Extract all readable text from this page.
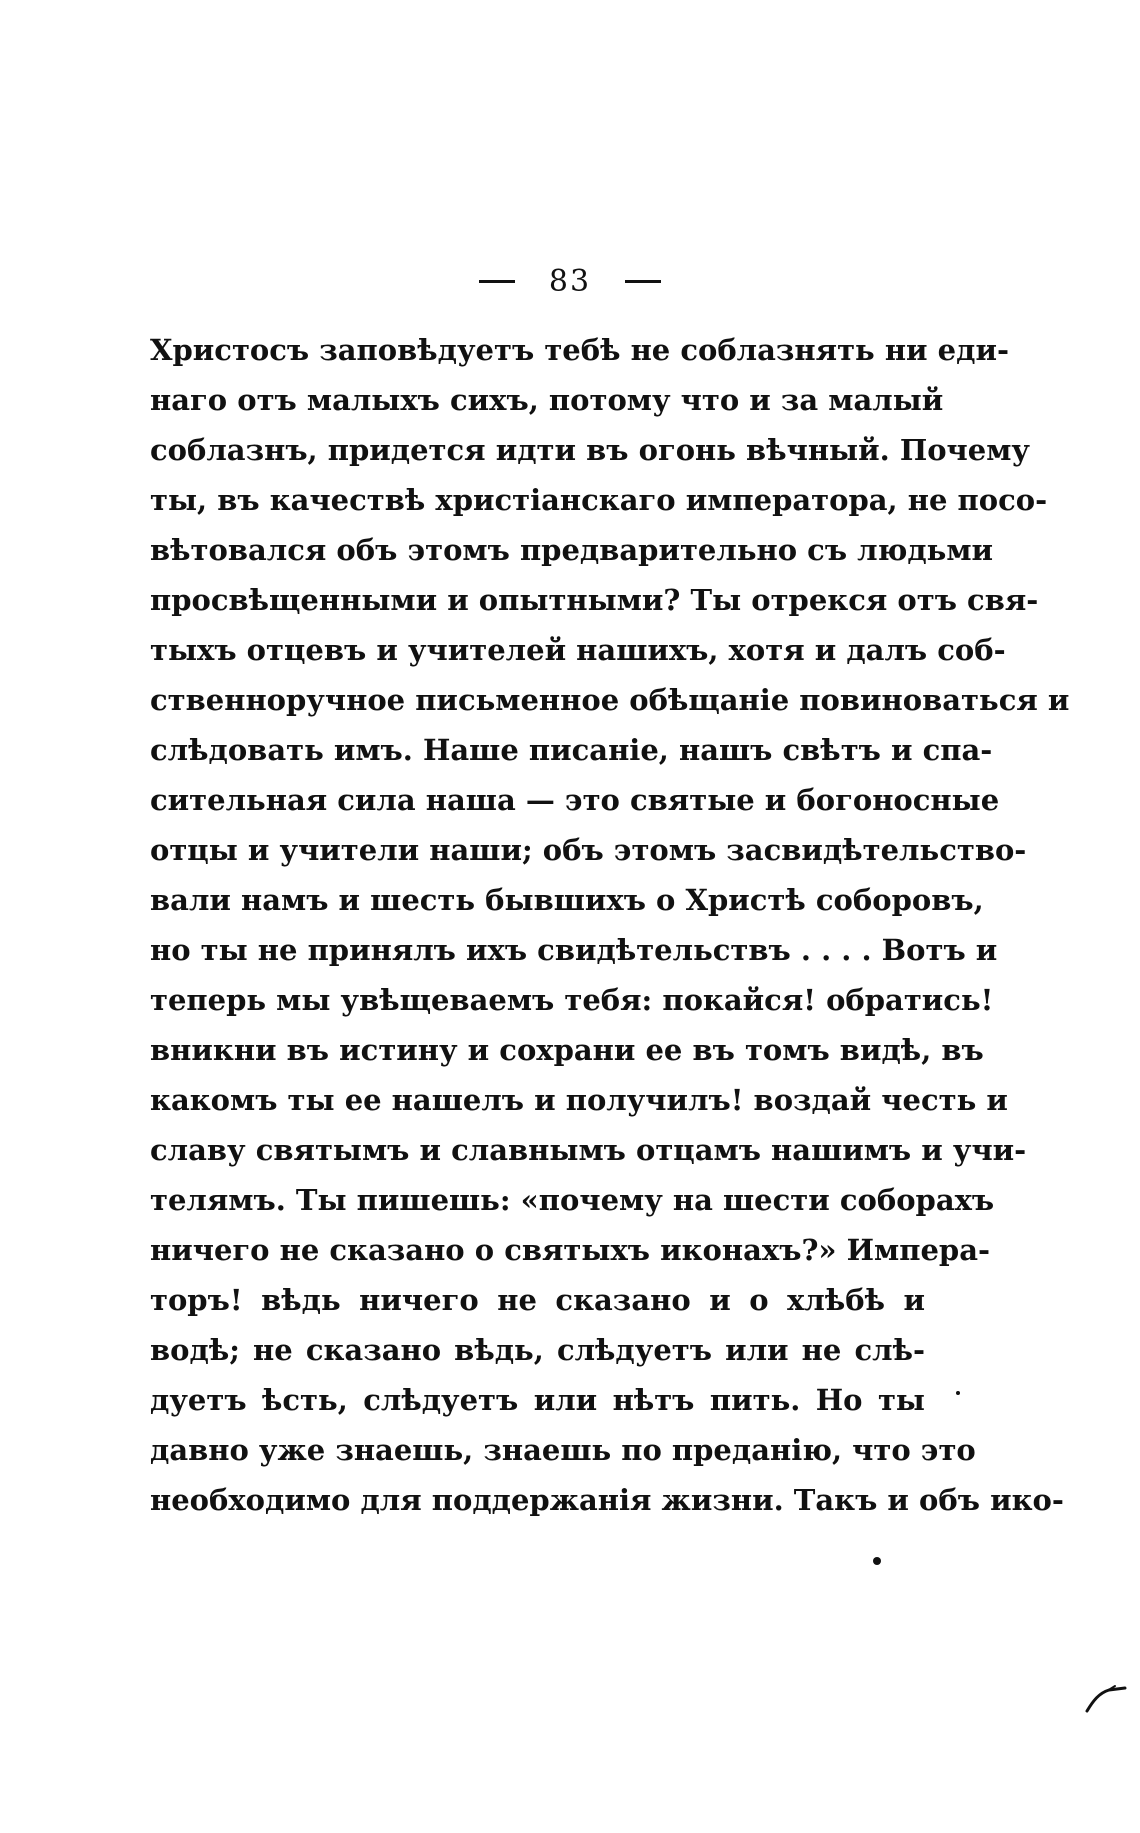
83
Христосъ заповѣдуетъ тебѣ не соблазнять ни еди-
наго отъ малыхъ сихъ, потому что и за малый
соблазнъ, придется идти въ огонь вѣчный. Почему
ты, въ качествѣ христіанскаго императора, не посо-
вѣтовался объ этомъ предварительно съ людьми
просвѣщенными и опытными? Ты отрекся отъ свя-
тыхъ отцевъ и учителей нашихъ, хотя и далъ соб-
ственноручное письменное обѣщаніе повиноваться и
слѣдовать имъ. Наше писаніе, нашъ свѣтъ и спа-
сительная сила наша — это святые и богоносные
отцы и учители наши; объ этомъ засвидѣтельство-
вали намъ и шесть бывшихъ о Христѣ соборовъ,
но ты не принялъ ихъ свидѣтельствъ . . . . Вотъ и
теперь мы увѣщеваемъ тебя: покайся! обратись!
вникни въ истину и сохрани ее въ томъ видѣ, въ
какомъ ты ее нашелъ и получилъ! воздай честь и
славу святымъ и славнымъ отцамъ нашимъ и учи-
телямъ. Ты пишешь: «почему на шести соборахъ
ничего не сказано о святыхъ иконахъ?» Импера-
торъ! вѣдь ничего не сказано и о хлѣбѣ и
водѣ; не сказано вѣдь, слѣдуетъ или не слѣ-
дуетъ ѣсть, слѣдуетъ или нѣтъ пить. Но ты
давно уже знаешь, знаешь по преданію, что это
необходимо для поддержанія жизни. Такъ и объ ико-
